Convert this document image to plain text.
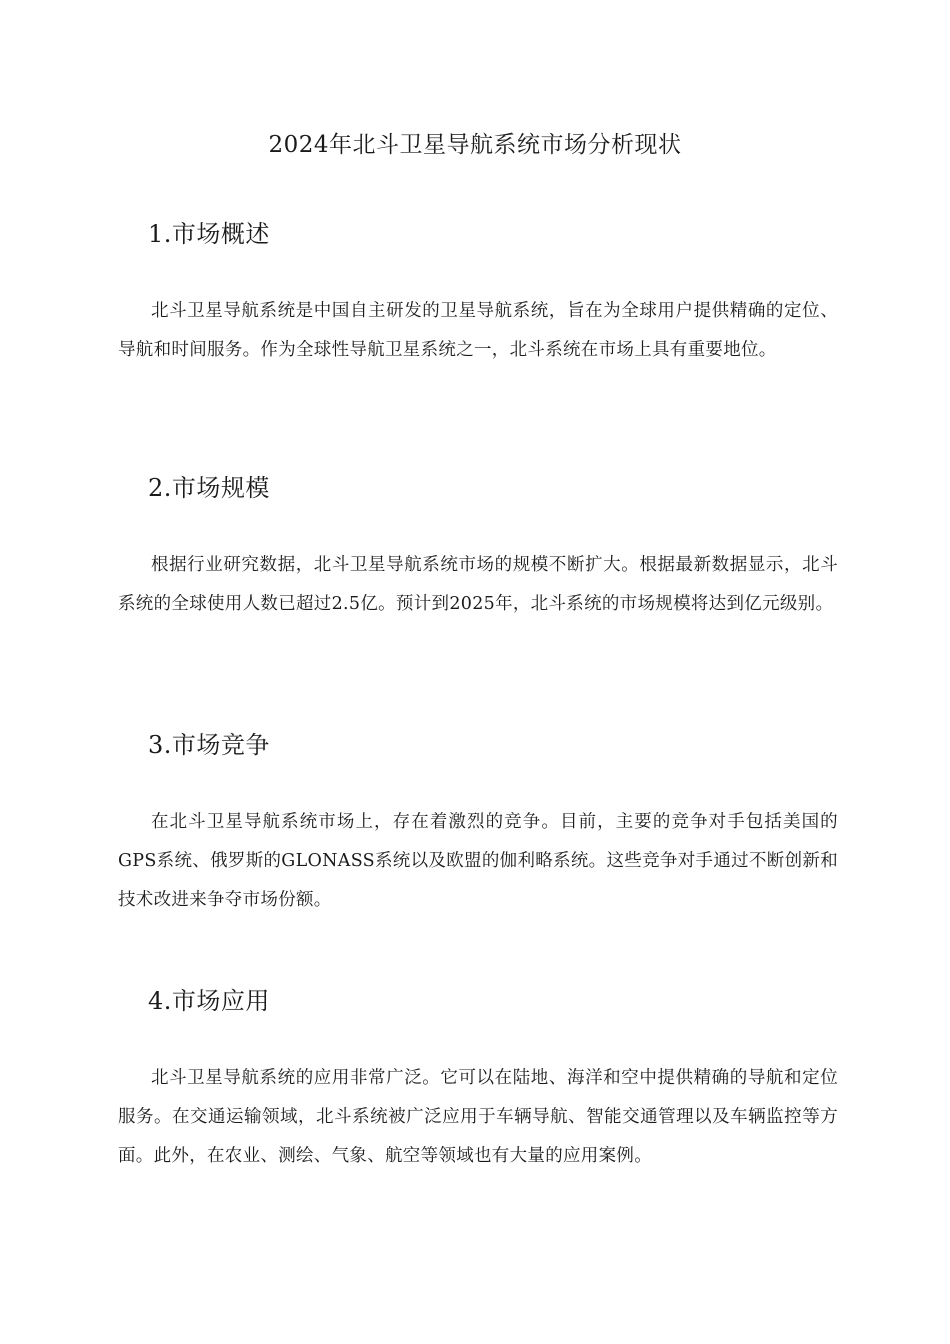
2024年北斗卫星导航系统市场分析现状
1.市场概述

北斗卫星导航系统是中国自主研发的卫星导航系统，旨在为全球用户提供精确的定位、导航和时间服务。作为全球性导航卫星系统之一，北斗系统在市场上具有重要地位。

2.市场规模

根据行业研究数据，北斗卫星导航系统市场的规模不断扩大。根据最新数据显示，北斗系统的全球使用人数已超过2.5亿。预计到2025年，北斗系统的市场规模将达到亿元级别。

3.市场竞争

在北斗卫星导航系统市场上，存在着激烈的竞争。目前，主要的竞争对手包括美国的GPS系统、俄罗斯的GLONASS系统以及欧盟的伽利略系统。这些竞争对手通过不断创新和技术改进来争夺市场份额。

4.市场应用

北斗卫星导航系统的应用非常广泛。它可以在陆地、海洋和空中提供精确的导航和定位服务。在交通运输领域，北斗系统被广泛应用于车辆导航、智能交通管理以及车辆监控等方面。此外，在农业、测绘、气象、航空等领域也有大量的应用案例。
